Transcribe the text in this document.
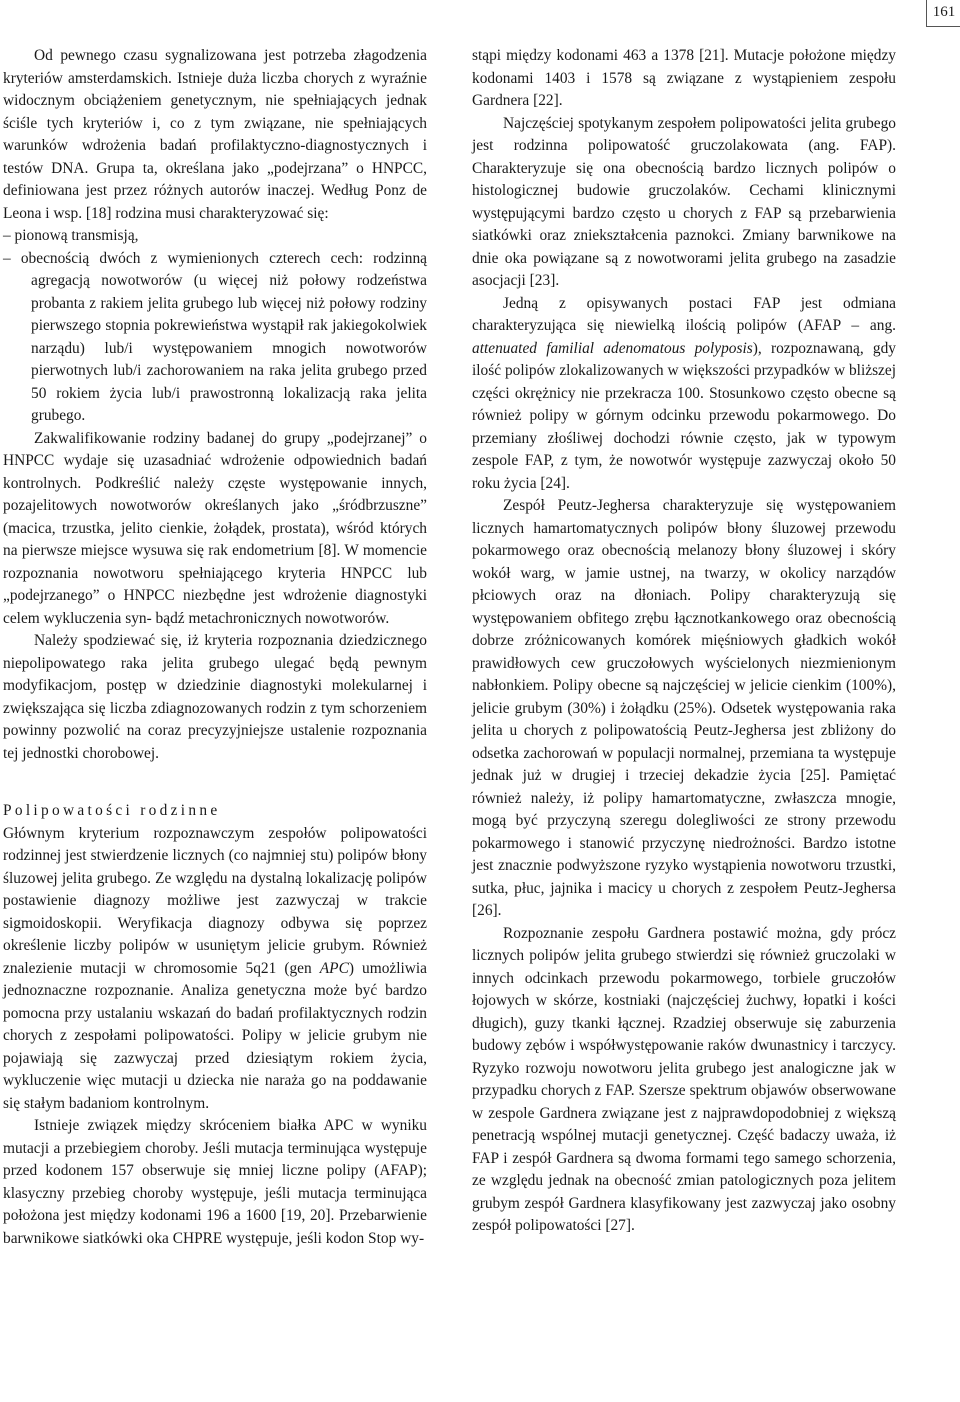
161

Od pewnego czasu sygnalizowana jest potrzeba złagodzenia kryteriów amsterdamskich. Istnieje duża liczba chorych z wyraźnie widocznym obciążeniem genetycznym, nie spełniających jednak ściśle tych kryteriów i, co z tym związane, nie spełniających warunków wdrożenia badań profilaktyczno-diagnostycznych i testów DNA. Grupa ta, określana jako „podejrzana” o HNPCC, definiowana jest przez różnych autorów inaczej. Według Ponz de Leona i wsp. [18] rodzina musi charakteryzować się:

– pionową transmisją,

– obecnością dwóch z wymienionych czterech cech: rodzinną agregacją nowotworów (u więcej niż połowy rodzeństwa probanta z rakiem jelita grubego lub więcej niż połowy rodziny pierwszego stopnia pokrewieństwa wystąpił rak jakiegokolwiek narządu) lub/i występowaniem mnogich nowotworów pierwotnych lub/i zachorowaniem na raka jelita grubego przed 50 rokiem życia lub/i prawostronną lokalizacją raka jelita grubego.

Zakwalifikowanie rodziny badanej do grupy „podejrzanej” o HNPCC wydaje się uzasadniać wdrożenie odpowiednich badań kontrolnych. Podkreślić należy częste występowanie innych, pozajelitowych nowotworów określanych jako „śródbrzuszne” (macica, trzustka, jelito cienkie, żołądek, prostata), wśród których na pierwsze miejsce wysuwa się rak endometrium [8]. W momencie rozpoznania nowotworu spełniającego kryteria HNPCC lub „podejrzanego” o HNPCC niezbędne jest wdrożenie diagnostyki celem wykluczenia syn- bądź metachronicznych nowotworów.

Należy spodziewać się, iż kryteria rozpoznania dziedzicznego niepolipowatego raka jelita grubego ulegać będą pewnym modyfikacjom, postęp w dziedzinie diagnostyki molekularnej i zwiększająca się liczba zdiagnozowanych rodzin z tym schorzeniem powinny pozwolić na coraz precyzyjniejsze ustalenie rozpoznania tej jednostki chorobowej.

Polipowatości rodzinne

Głównym kryterium rozpoznawczym zespołów polipowatości rodzinnej jest stwierdzenie licznych (co najmniej stu) polipów błony śluzowej jelita grubego. Ze względu na dystalną lokalizację polipów postawienie diagnozy możliwe jest zazwyczaj w trakcie sigmoidoskopii. Weryfikacja diagnozy odbywa się poprzez określenie liczby polipów w usuniętym jelicie grubym. Również znalezienie mutacji w chromosomie 5q21 (gen APC) umożliwia jednoznaczne rozpoznanie. Analiza genetyczna może być bardzo pomocna przy ustalaniu wskazań do badań profilaktycznych rodzin chorych z zespołami polipowatości. Polipy w jelicie grubym nie pojawiają się zazwyczaj przed dziesiątym rokiem życia, wykluczenie więc mutacji u dziecka nie naraża go na poddawanie się stałym badaniom kontrolnym.

Istnieje związek między skróceniem białka APC w wyniku mutacji a przebiegiem choroby. Jeśli mutacja terminująca występuje przed kodonem 157 obserwuje się mniej liczne polipy (AFAP); klasyczny przebieg choroby występuje, jeśli mutacja terminująca położona jest między kodonami 196 a 1600 [19, 20]. Przebarwienie barwnikowe siatkówki oka CHPRE występuje, jeśli kodon Stop wy-

stąpi między kodonami 463 a 1378 [21]. Mutacje położone między kodonami 1403 i 1578 są związane z wystąpieniem zespołu Gardnera [22].

Najczęściej spotykanym zespołem polipowatości jelita grubego jest rodzinna polipowatość gruczolakowata (ang. FAP). Charakteryzuje się ona obecnością bardzo licznych polipów o histologicznej budowie gruczolaków. Cechami klinicznymi występującymi bardzo często u chorych z FAP są przebarwienia siatkówki oraz zniekształcenia paznokci. Zmiany barwnikowe na dnie oka powiązane są z nowotworami jelita grubego na zasadzie asocjacji [23].

Jedną z opisywanych postaci FAP jest odmiana charakteryzująca się niewielką ilością polipów (AFAP – ang. attenuated familial adenomatous polyposis), rozpoznawaną, gdy ilość polipów zlokalizowanych w większości przypadków w bliższej części okrężnicy nie przekracza 100. Stosunkowo często obecne są również polipy w górnym odcinku przewodu pokarmowego. Do przemiany złośliwej dochodzi równie często, jak w typowym zespole FAP, z tym, że nowotwór występuje zazwyczaj około 50 roku życia [24].

Zespół Peutz-Jeghersa charakteryzuje się występowaniem licznych hamartomatycznych polipów błony śluzowej przewodu pokarmowego oraz obecnością melanozy błony śluzowej i skóry wokół warg, w jamie ustnej, na twarzy, w okolicy narządów płciowych oraz na dłoniach. Polipy charakteryzują się występowaniem obfitego zrębu łącznotkankowego oraz obecnością dobrze zróżnicowanych komórek mięśniowych gładkich wokół prawidłowych cew gruczołowych wyścielonych niezmienionym nabłonkiem. Polipy obecne są najczęściej w jelicie cienkim (100%), jelicie grubym (30%) i żołądku (25%). Odsetek występowania raka jelita u chorych z polipowatością Peutz-Jeghersa jest zbliżony do odsetka zachorowań w populacji normalnej, przemiana ta występuje jednak już w drugiej i trzeciej dekadzie życia [25]. Pamiętać również należy, iż polipy hamartomatyczne, zwłaszcza mnogie, mogą być przyczyną szeregu dolegliwości ze strony przewodu pokarmowego i stanowić przyczynę niedrożności. Bardzo istotne jest znacznie podwyższone ryzyko wystąpienia nowotworu trzustki, sutka, płuc, jajnika i macicy u chorych z zespołem Peutz-Jeghersa [26].

Rozpoznanie zespołu Gardnera postawić można, gdy prócz licznych polipów jelita grubego stwierdzi się również gruczolaki w innych odcinkach przewodu pokarmowego, torbiele gruczołów łojowych w skórze, kostniaki (najczęściej żuchwy, łopatki i kości długich), guzy tkanki łącznej. Rzadziej obserwuje się zaburzenia budowy zębów i współwystępowanie raków dwunastnicy i tarczycy. Ryzyko rozwoju nowotworu jelita grubego jest analogiczne jak w przypadku chorych z FAP. Szersze spektrum objawów obserwowane w zespole Gardnera związane jest z najprawdopodobniej z większą penetracją wspólnej mutacji genetycznej. Część badaczy uważa, iż FAP i zespół Gardnera są dwoma formami tego samego schorzenia, ze względu jednak na obecność zmian patologicznych poza jelitem grubym zespół Gardnera klasyfikowany jest zazwyczaj jako osobny zespół polipowatości [27].
